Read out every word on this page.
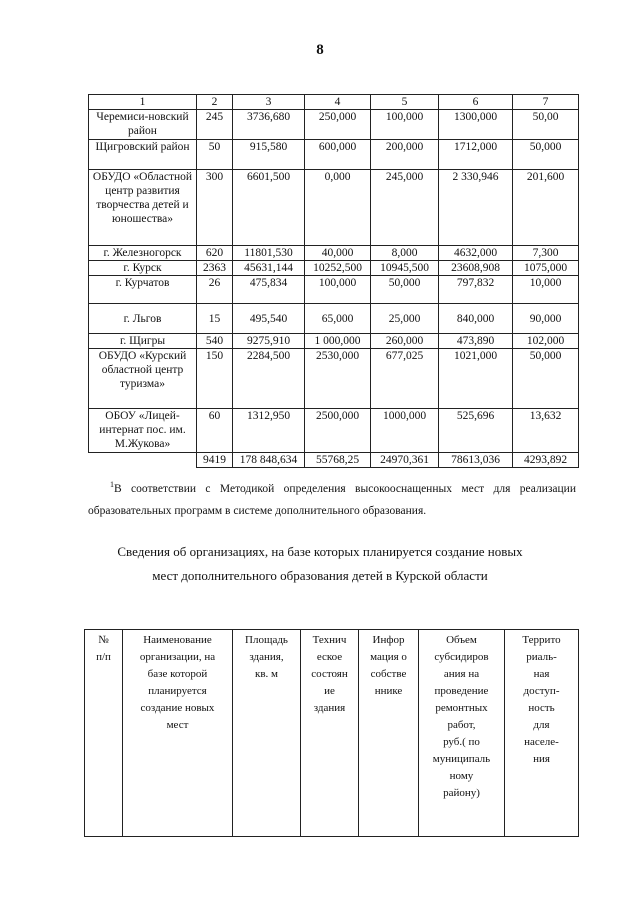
8
1	2	3	4	5	6	7
Черемиси-новский район	245	3736,680	250,000	100,000	1300,000	50,00
Щигровский район	50	915,580	600,000	200,000	1712,000	50,000
ОБУДО «Областной центр развития творчества детей и юношества»	300	6601,500	0,000	245,000	2 330,946	201,600
г. Железногорск	620	11801,530	40,000	8,000	4632,000	7,300
г. Курск	2363	45631,144	10252,500	10945,500	23608,908	1075,000
г. Курчатов	26	475,834	100,000	50,000	797,832	10,000
г. Льгов	15	495,540	65,000	25,000	840,000	90,000
г. Щигры	540	9275,910	1 000,000	260,000	473,890	102,000
ОБУДО «Курский областной центр туризма»	150	2284,500	2530,000	677,025	1021,000	50,000
ОБОУ «Лицей-интернат пос. им. М.Жукова»	60	1312,950	2500,000	1000,000	525,696	13,632
	9419	178 848,634	55768,25	24970,361	78613,036	4293,892
$^1$В соответствии с Методикой определения высокооснащенных мест для реализации образовательных программ в системе дополнительного образования.
Сведения об организациях, на базе которых планируется создание новых
мест дополнительного образования детей в Курской области
№
п/п

Наименование
организации, на
базе которой
планируется
создание новых
мест

Площадь
здания,
кв. м

Технич
еское
состоян
ие
здания

Инфор
мация о
собстве
ннике

Объем
субсидиров
ания на
проведение
ремонтных
работ,
руб.( по
муниципаль
ному
району)

Террито
риаль-
ная
доступ-
ность
для
населе-
ния
